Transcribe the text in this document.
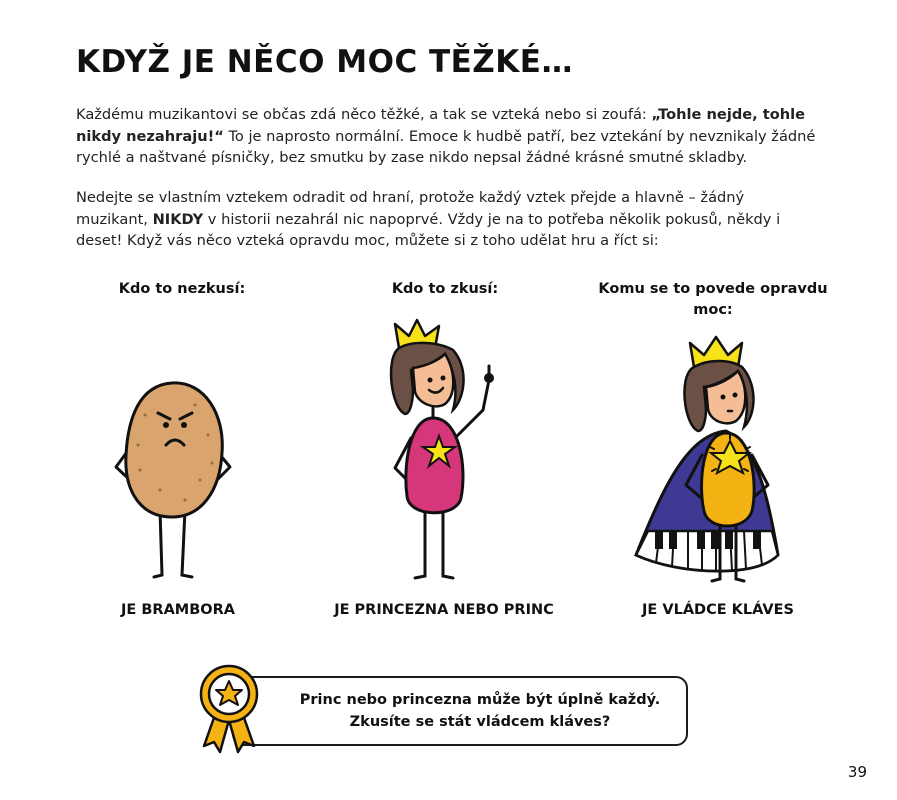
KDYŽ JE NĚCO MOC TĚŽKÉ…

Každému muzikantovi se občas zdá něco těžké, a tak se vzteká nebo si zoufá: „Tohle nejde, tohle nikdy nezahraju!“ To je naprosto normální. Emoce k hudbě patří, bez vztekání by nevznikaly žádné rychlé a naštvané písničky, bez smutku by zase nikdo nepsal žádné krásné smutné skladby.

Nedejte se vlastním vztekem odradit od hraní, protože každý vztek přejde a hlavně – žádný muzikant, NIKDY v historii nezahrál nic napoprvé. Vždy je na to potřeba několik pokusů, někdy i deset! Když vás něco vzteká opravdu moc, můžete si z toho udělat hru a říct si:

Kdo to nezkusí:	Kdo to zkusí:	Komu se to povede opravdu moc:
JE BRAMBORA	JE PRINCEZNA NEBO PRINC	JE VLÁDCE KLÁVES
Princ nebo princezna může být úplně každý.
Zkusíte se stát vládcem kláves?
39
